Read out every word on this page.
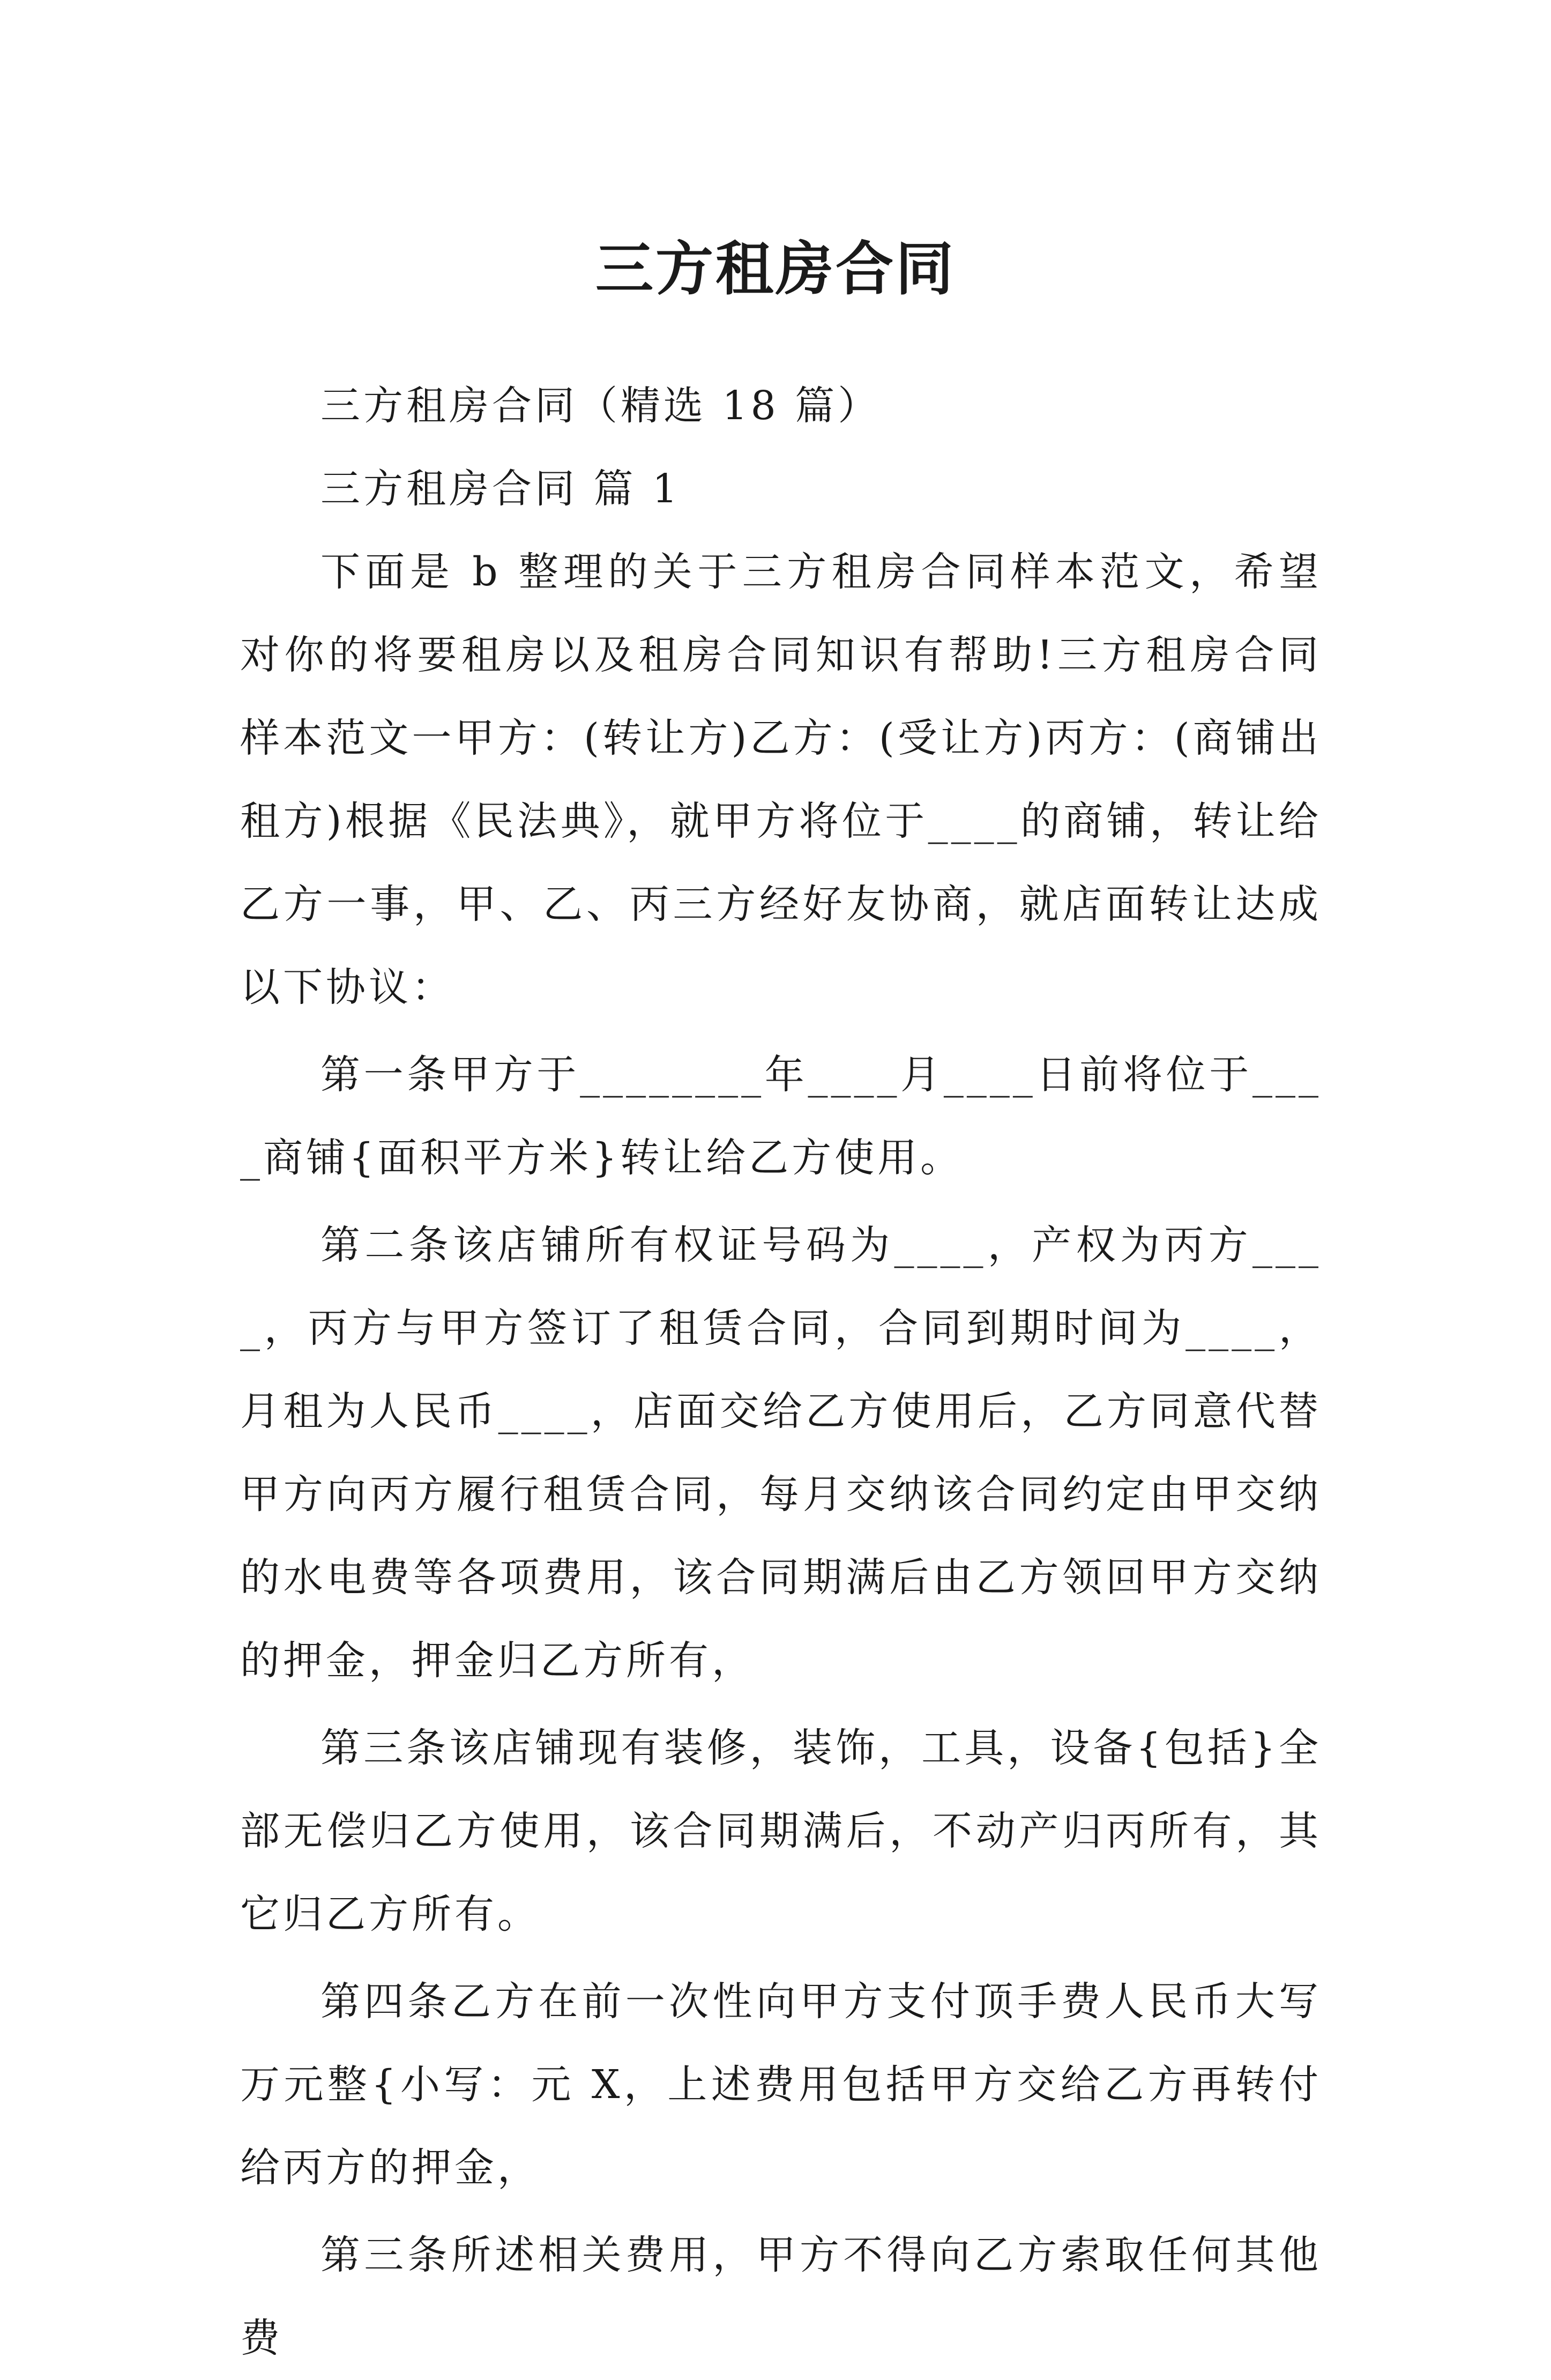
三方租房合同

三方租房合同（精选 18 篇）

三方租房合同 篇 1

下面是 b 整理的关于三方租房合同样本范文，希望对你的将要租房以及租房合同知识有帮助!三方租房合同样本范文一甲方：(转让方)乙方：(受让方)丙方：(商铺出租方)根据《民法典》，就甲方将位于____的商铺，转让给乙方一事，甲、乙、丙三方经好友协商，就店面转让达成以下协议：

第一条甲方于________年____月____日前将位于____商铺{面积平方米}转让给乙方使用。

第二条该店铺所有权证号码为____，产权为丙方____，丙方与甲方签订了租赁合同，合同到期时间为____，月租为人民币____，店面交给乙方使用后，乙方同意代替甲方向丙方履行租赁合同，每月交纳该合同约定由甲交纳的水电费等各项费用，该合同期满后由乙方领回甲方交纳的押金，押金归乙方所有，

第三条该店铺现有装修，装饰，工具，设备{包括}全部无偿归乙方使用，该合同期满后，不动产归丙所有，其它归乙方所有。

第四条乙方在前一次性向甲方支付顶手费人民币大写万元整{小写：元 X，上述费用包括甲方交给乙方再转付给丙方的押金，

第三条所述相关费用，甲方不得向乙方索取任何其他费
